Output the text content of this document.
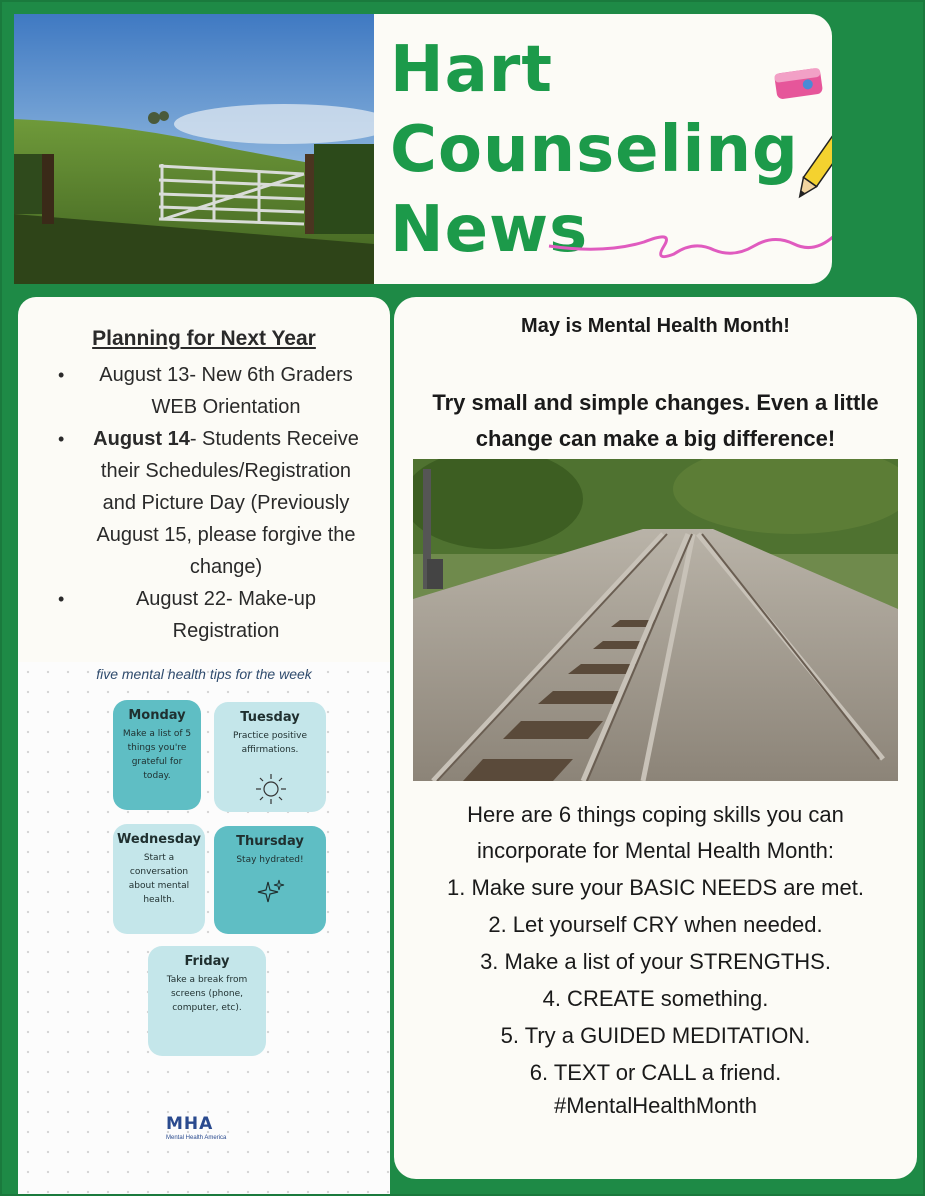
Hart
Counseling
News
Planning for Next Year
•	August 13- New 6th Graders
WEB Orientation
•	August 14- Students Receive
their Schedules/Registration
and Picture Day (Previously
August 15, please forgive the
change)
•	August 22- Make-up
Registration
five mental health tips for the week
Monday
Make a list of 5 things you're grateful for today.
Tuesday
Practice positive affirmations.
Wednesday
Start a conversation about mental health.
Thursday
Stay hydrated!
Friday
Take a break from screens (phone, computer, etc).
MHA
Mental Health America
May is Mental Health Month!
Try small and simple changes. Even a little
change can make a big difference!
Here are 6 things coping skills you can
incorporate for Mental Health Month:
1. Make sure your BASIC NEEDS are met.
2. Let yourself CRY when needed.
3. Make a list of your STRENGTHS.
4. CREATE something.
5. Try a GUIDED MEDITATION.
6. TEXT or CALL a friend.
#MentalHealthMonth
